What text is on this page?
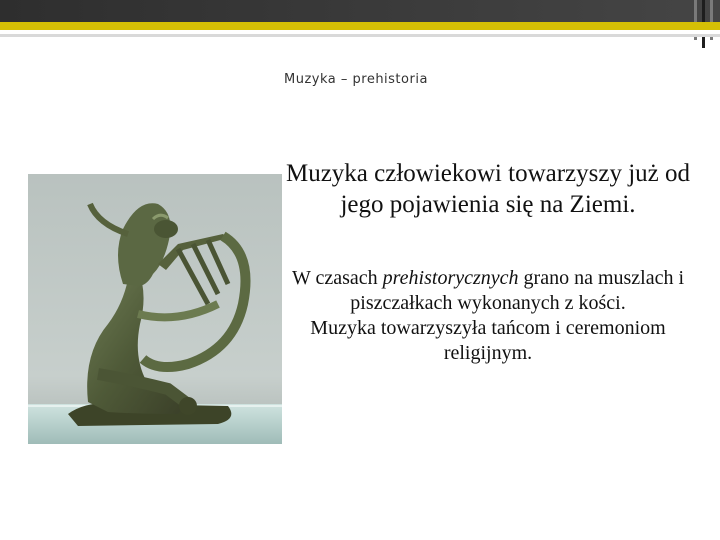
Muzyka – prehistoria
Muzyka człowiekowi towarzyszy już od jego pojawienia się na Ziemi.
W czasach prehistorycznych grano na muszlach i piszczałkach wykonanych z kości.
Muzyka towarzyszyła tańcom i ceremoniom religijnym.
